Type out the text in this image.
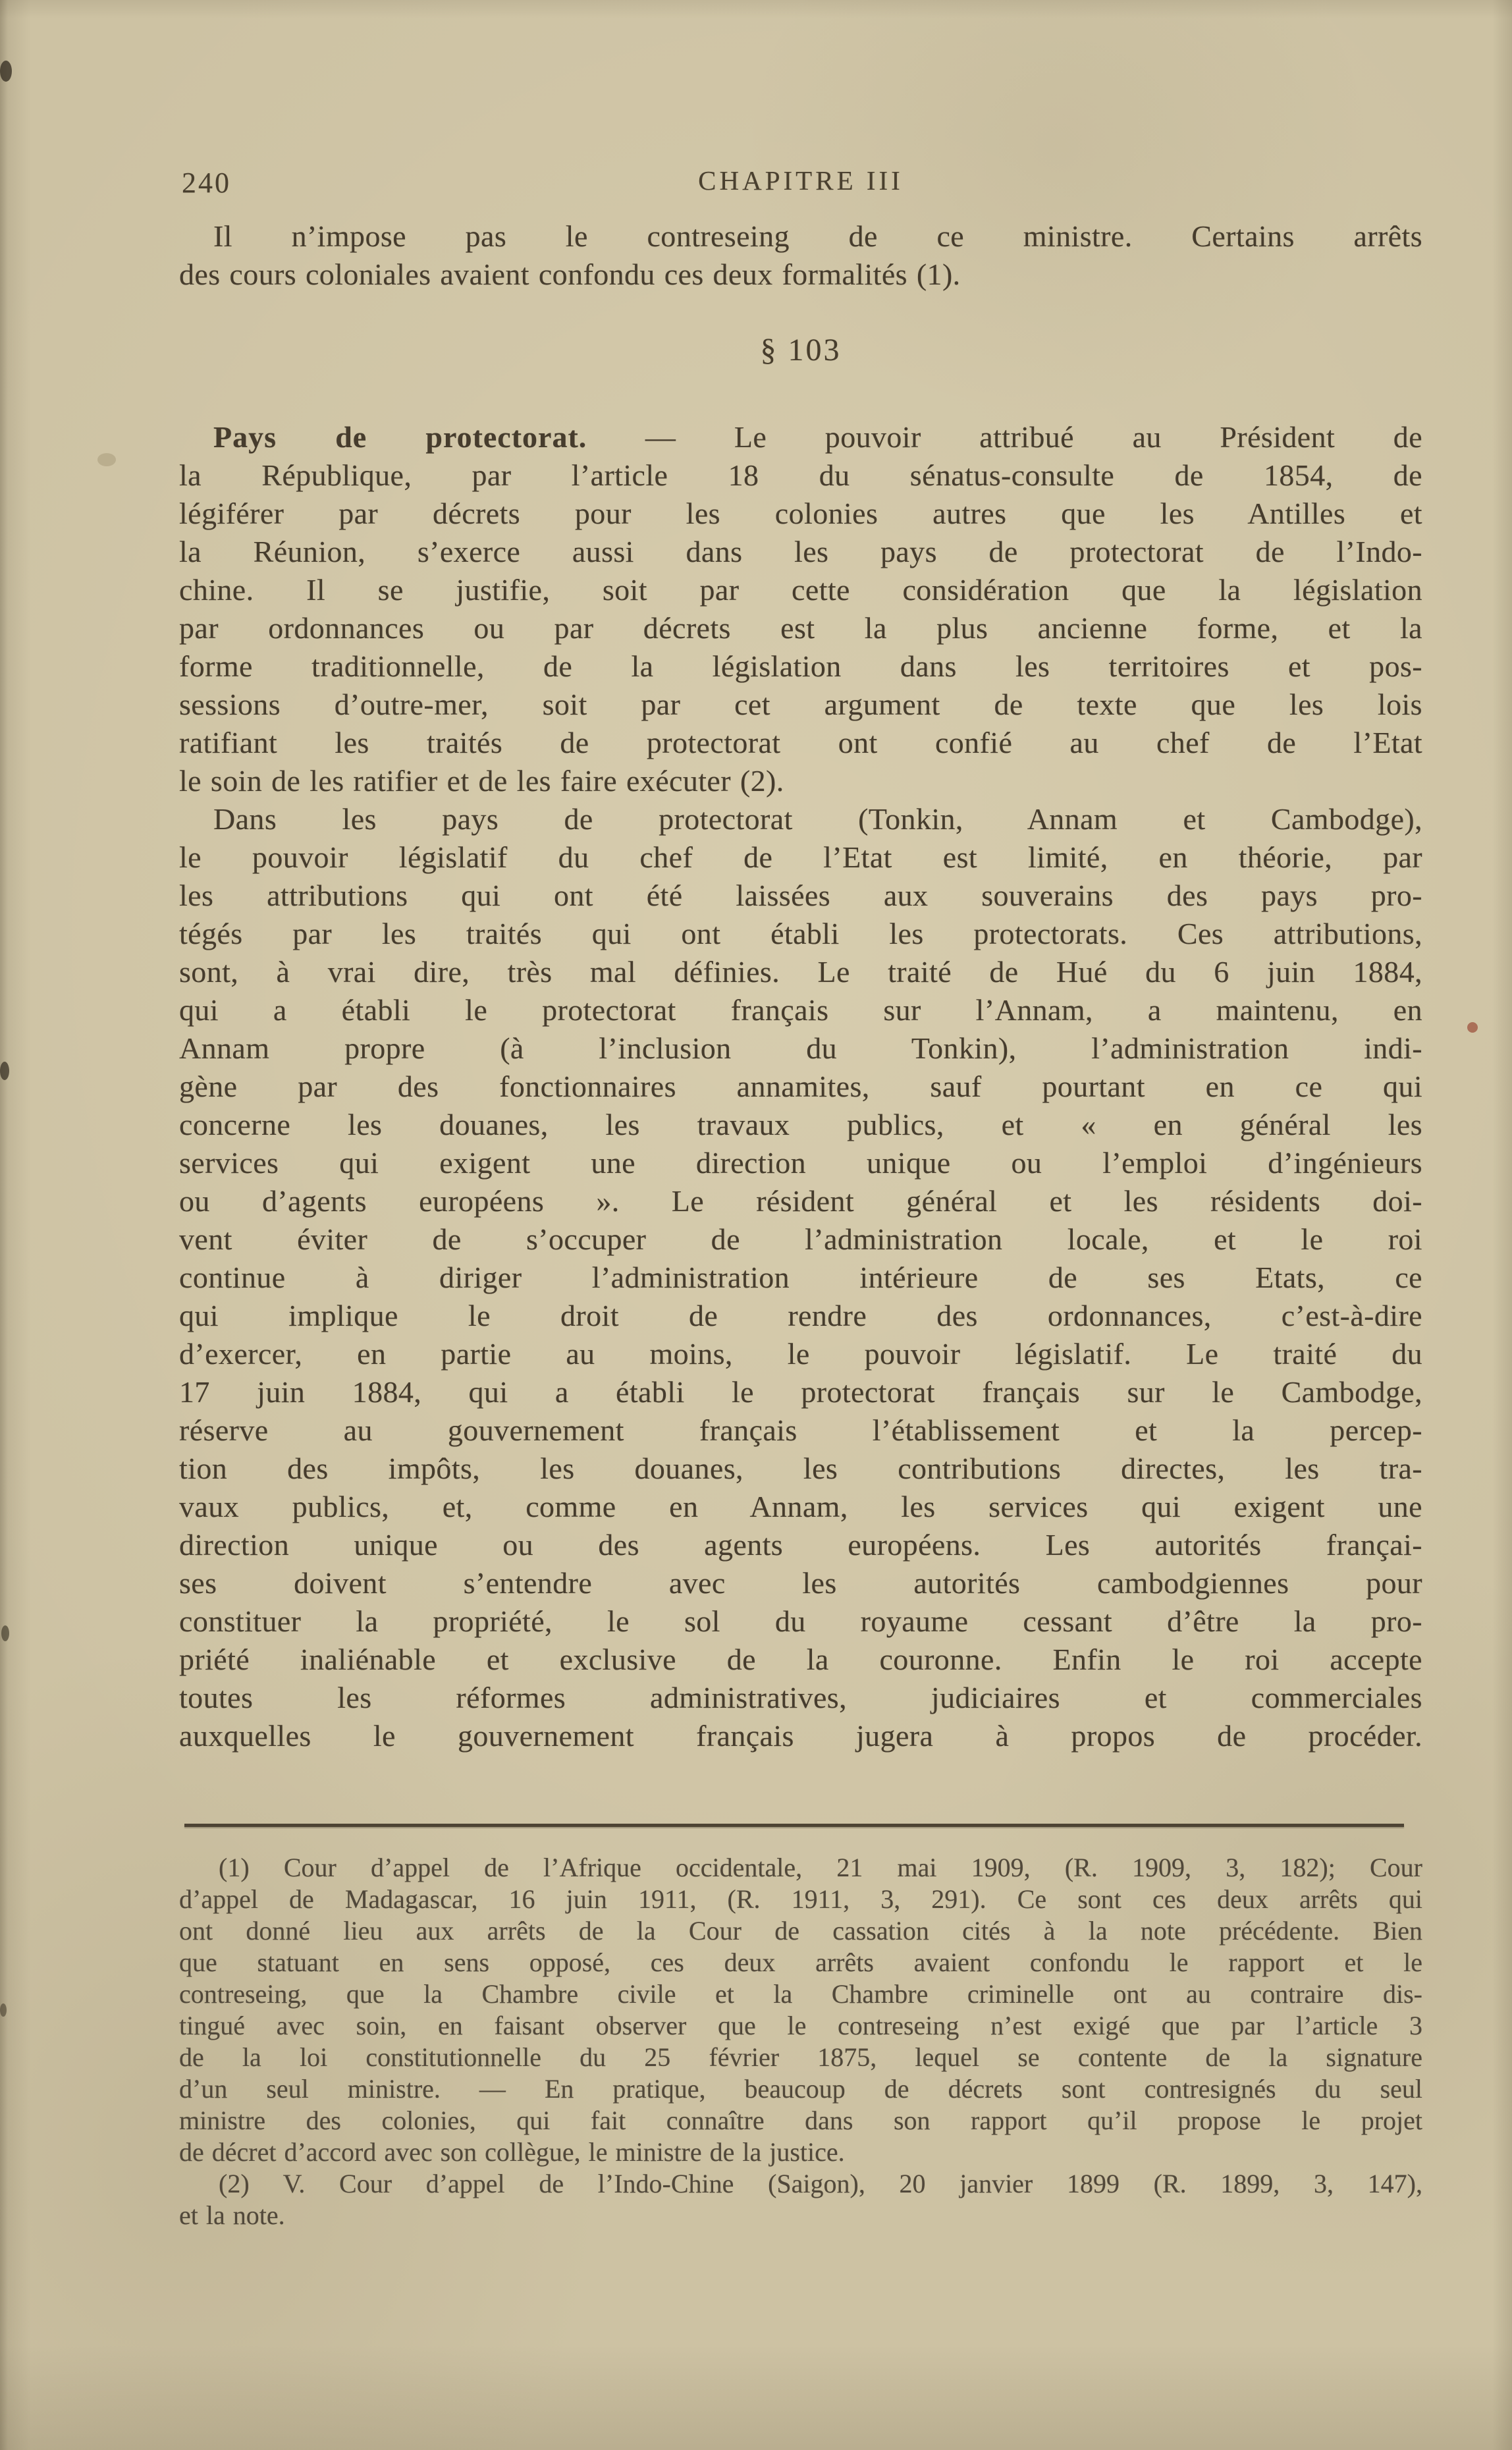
240	CHAPITRE III
Il n’impose pas le contreseing de ce ministre. Certains arrêts
des cours coloniales avaient confondu ces deux formalités (1).
§ 103
Pays de protectorat. — Le pouvoir attribué au Président de
la République, par l’article 18 du sénatus-consulte de 1854, de
légiférer par décrets pour les colonies autres que les Antilles et
la Réunion, s’exerce aussi dans les pays de protectorat de l’Indo-
chine. Il se justifie, soit par cette considération que la législation
par ordonnances ou par décrets est la plus ancienne forme, et la
forme traditionnelle, de la législation dans les territoires et pos-
sessions d’outre-mer, soit par cet argument de texte que les lois
ratifiant les traités de protectorat ont confié au chef de l’Etat
le soin de les ratifier et de les faire exécuter (2).
Dans les pays de protectorat (Tonkin, Annam et Cambodge),
le pouvoir législatif du chef de l’Etat est limité, en théorie, par
les attributions qui ont été laissées aux souverains des pays pro-
tégés par les traités qui ont établi les protectorats. Ces attributions,
sont, à vrai dire, très mal définies. Le traité de Hué du 6 juin 1884,
qui a établi le protectorat français sur l’Annam, a maintenu, en
Annam propre (à l’inclusion du Tonkin), l’administration indi-
gène par des fonctionnaires annamites, sauf pourtant en ce qui
concerne les douanes, les travaux publics, et « en général les
services qui exigent une direction unique ou l’emploi d’ingénieurs
ou d’agents européens ». Le résident général et les résidents doi-
vent éviter de s’occuper de l’administration locale, et le roi
continue à diriger l’administration intérieure de ses Etats, ce
qui implique le droit de rendre des ordonnances, c’est-à-dire
d’exercer, en partie au moins, le pouvoir législatif. Le traité du
17 juin 1884, qui a établi le protectorat français sur le Cambodge,
réserve au gouvernement français l’établissement et la percep-
tion des impôts, les douanes, les contributions directes, les tra-
vaux publics, et, comme en Annam, les services qui exigent une
direction unique ou des agents européens. Les autorités françai-
ses doivent s’entendre avec les autorités cambodgiennes pour
constituer la propriété, le sol du royaume cessant d’être la pro-
priété inaliénable et exclusive de la couronne. Enfin le roi accepte
toutes les réformes administratives, judiciaires et commerciales
auxquelles le gouvernement français jugera à propos de procéder.
(1) Cour d’appel de l’Afrique occidentale, 21 mai 1909, (R. 1909, 3, 182); Cour
d’appel de Madagascar, 16 juin 1911, (R. 1911, 3, 291). Ce sont ces deux arrêts qui
ont donné lieu aux arrêts de la Cour de cassation cités à la note précédente. Bien
que statuant en sens opposé, ces deux arrêts avaient confondu le rapport et le
contreseing, que la Chambre civile et la Chambre criminelle ont au contraire dis-
tingué avec soin, en faisant observer que le contreseing n’est exigé que par l’article 3
de la loi constitutionnelle du 25 février 1875, lequel se contente de la signature
d’un seul ministre. — En pratique, beaucoup de décrets sont contresignés du seul
ministre des colonies, qui fait connaître dans son rapport qu’il propose le projet
de décret d’accord avec son collègue, le ministre de la justice.
(2) V. Cour d’appel de l’Indo-Chine (Saigon), 20 janvier 1899 (R. 1899, 3, 147),
et la note.
